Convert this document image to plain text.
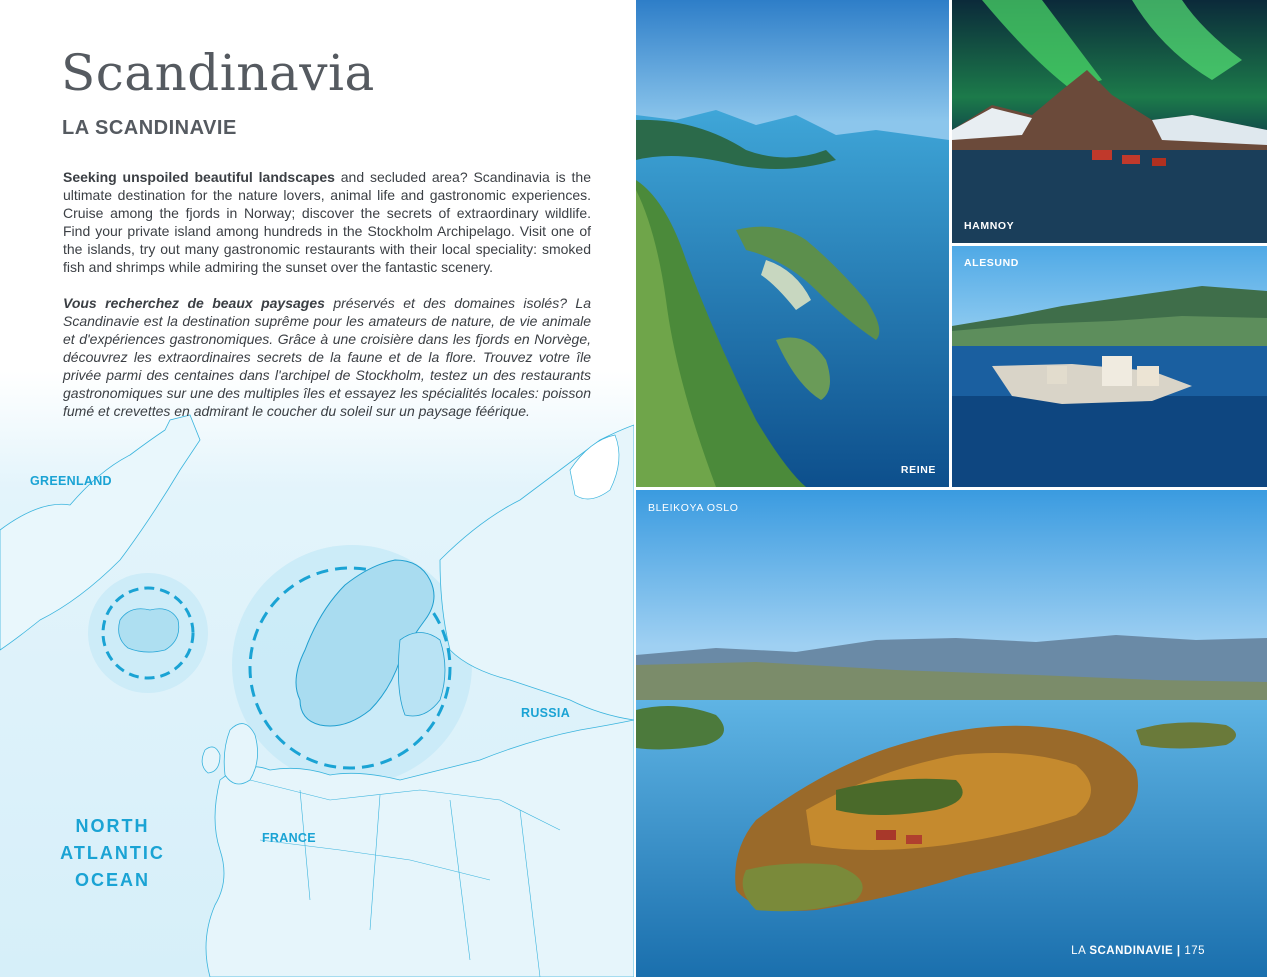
Scandinavia
LA SCANDINAVIE

Seeking unspoiled beautiful landscapes and secluded area? Scandinavia is the ultimate destination for the nature lovers, animal life and gastronomic experiences. Cruise among the fjords in Norway; discover the secrets of extraordinary wildlife. Find your private island among hundreds in the Stockholm Archipelago. Visit one of the islands, try out many gastronomic restaurants with their local speciality: smoked fish and shrimps while admiring the sunset over the fantastic scenery.

Vous recherchez de beaux paysages préservés et des domaines isolés? La Scandinavie est la destination suprême pour les amateurs de nature, de vie animale et d'expériences gastronomiques. Grâce à une croisière dans les fjords en Norvège, découvrez les extraordinaires secrets de la faune et de la flore. Trouvez votre île privée parmi des centaines dans l'archipel de Stockholm, testez un des restaurants gastronomiques sur une des multiples îles et essayez les spécialités locales: poisson fumé et crevettes en admirant le coucher du soleil sur un paysage féérique.

GREENLAND

RUSSIA

FRANCE

NORTH
ATLANTIC OCEAN

REINE

HAMNOY

ALESUND

BLEIKOYA OSLO

LA SCANDINAVIE | 175
